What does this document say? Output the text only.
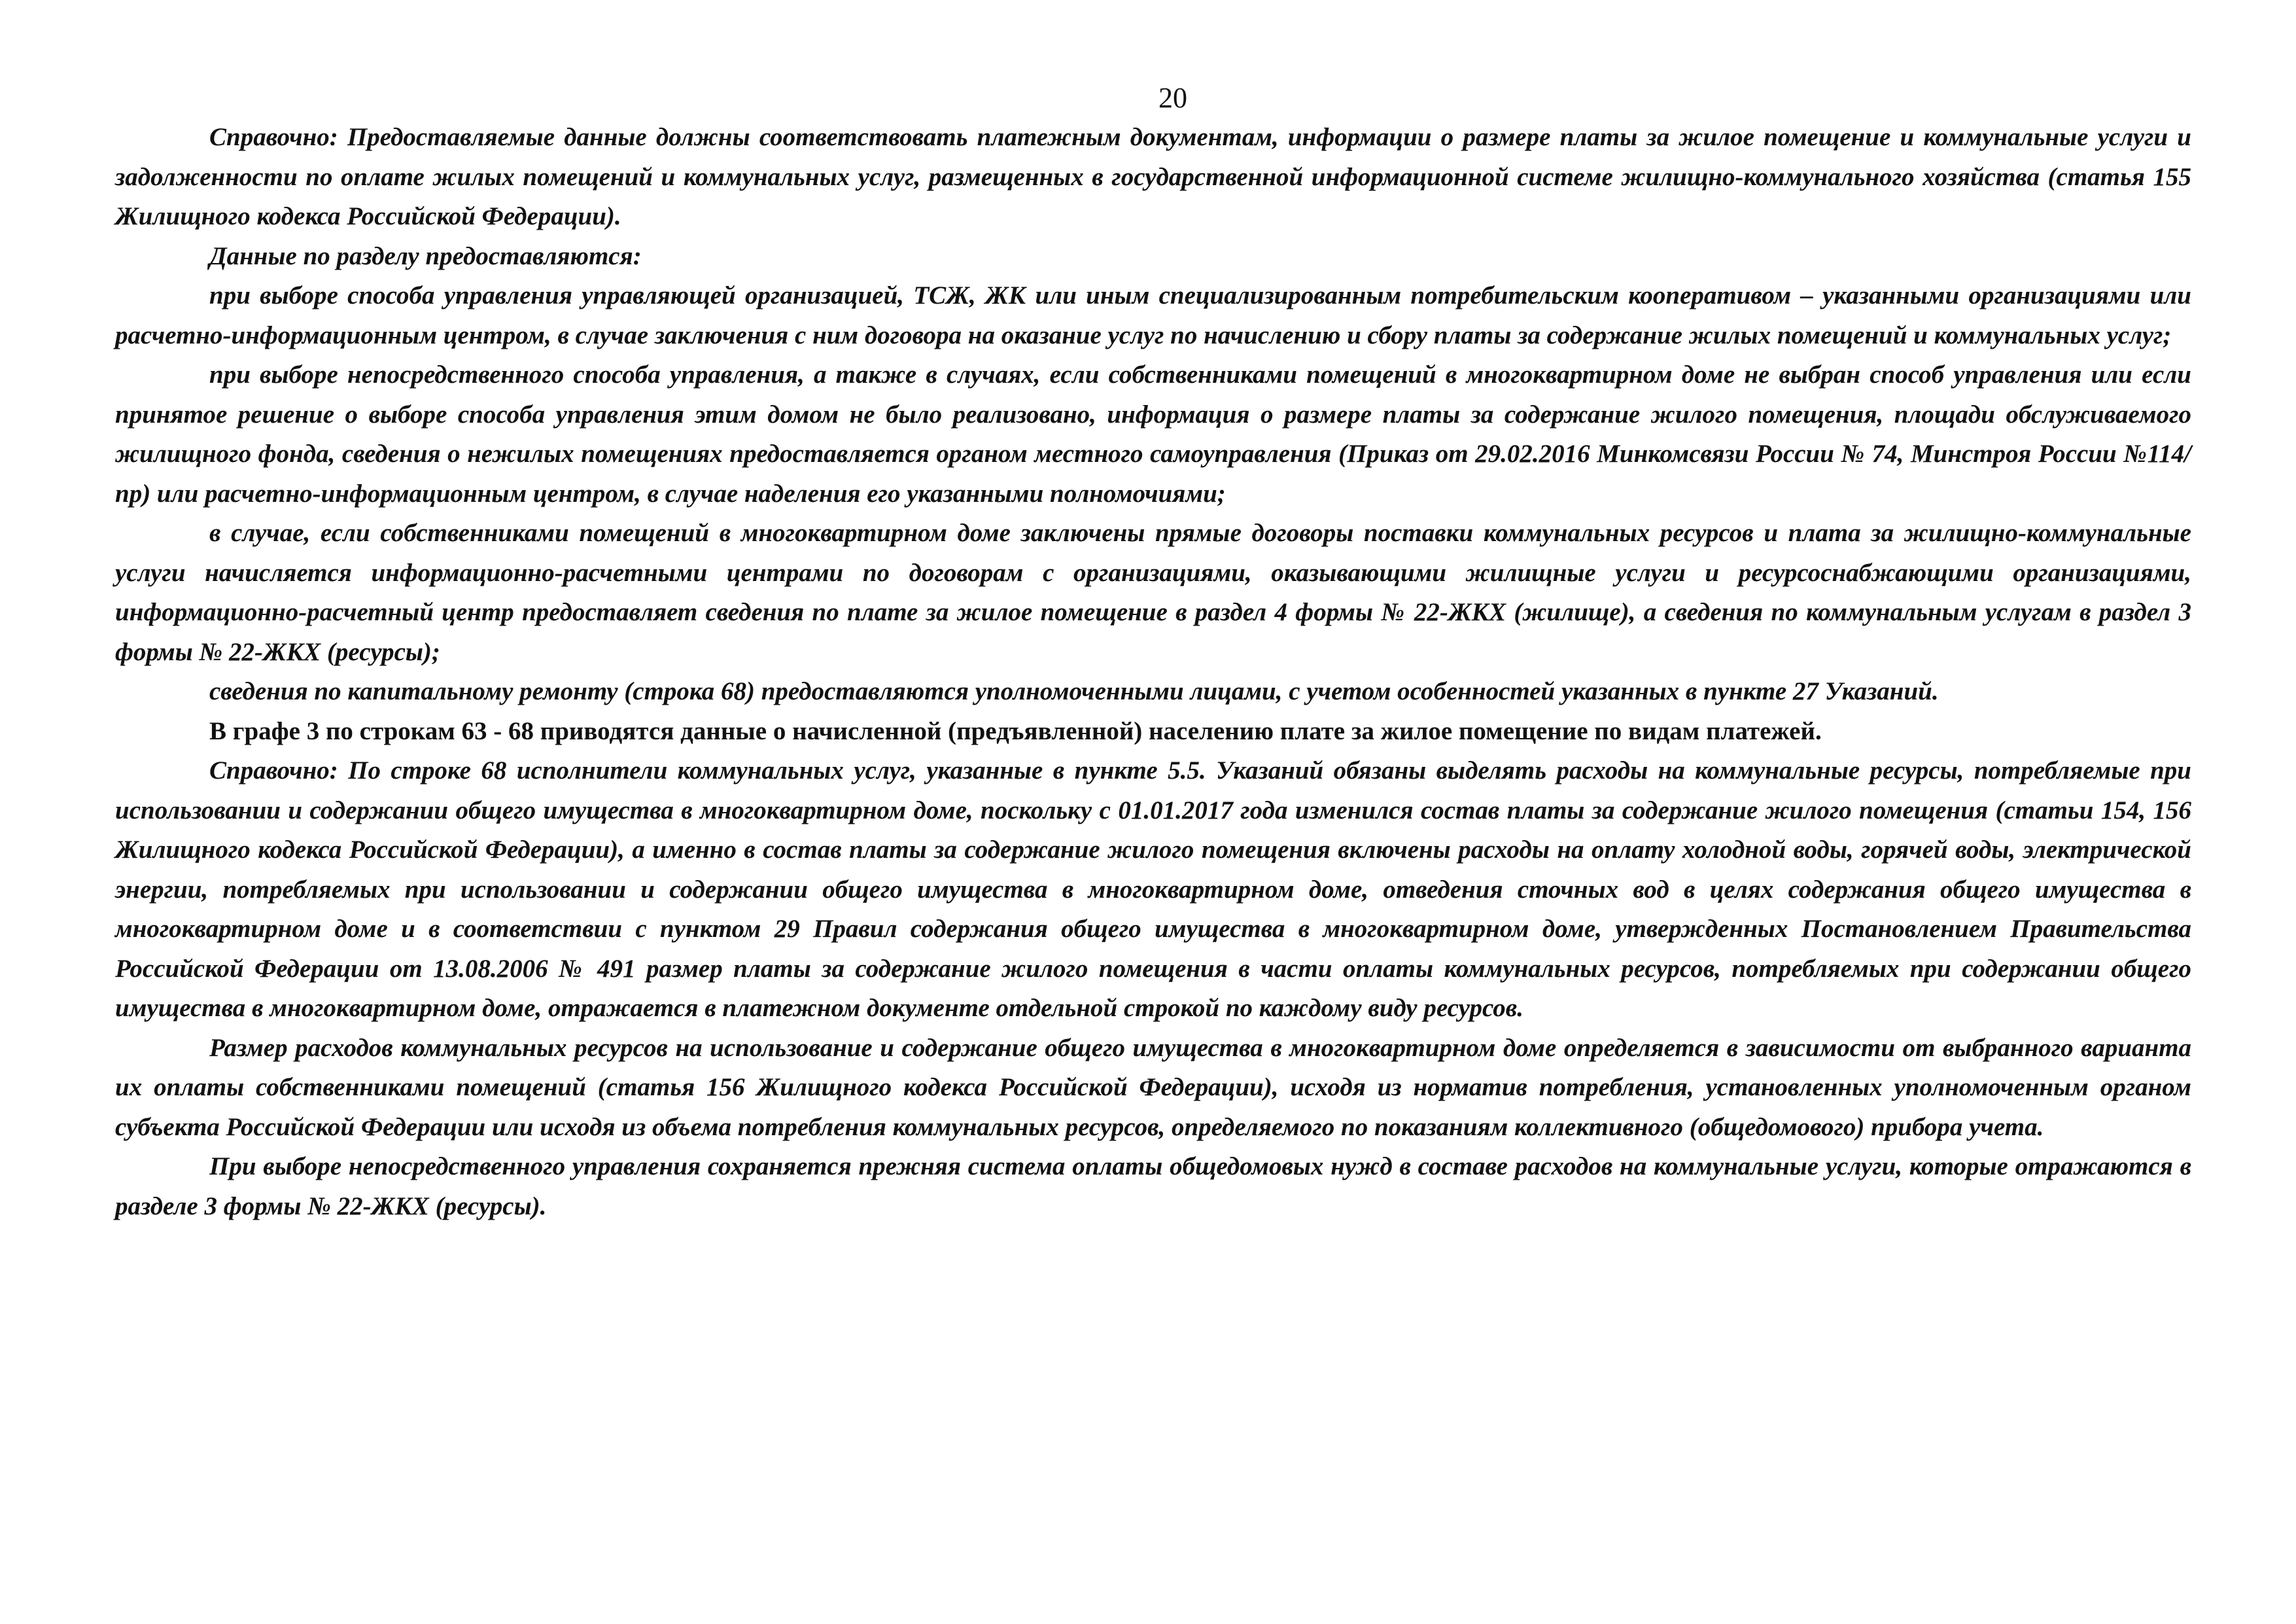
20

Справочно: Предоставляемые данные должны соответствовать платежным документам, информации о размере платы за жилое помещение и коммунальные услуги и задолженности по оплате жилых помещений и коммунальных услуг, размещенных в государственной информационной системе жилищно-коммунального хозяйства (статья 155 Жилищного кодекса Российской Федерации).

Данные по разделу предоставляются:

при выборе способа управления управляющей организацией, ТСЖ, ЖК или иным специализированным потребительским кооперативом – указанными организациями или расчетно-информационным центром, в случае заключения с ним договора на оказание услуг по начислению и сбору платы за содержание жилых помещений и коммунальных услуг;

при выборе непосредственного способа управления, а также в случаях, если собственниками помещений в многоквартирном доме не выбран способ управления или если принятое решение о выборе способа управления этим домом не было реализовано, информация о размере платы за содержание жилого помещения, площади обслуживаемого жилищного фонда, сведения о нежилых помещениях предоставляется органом местного самоуправления (Приказ от 29.02.2016 Минкомсвязи России № 74, Минстроя России №114/пр) или расчетно-информационным центром, в случае наделения его указанными полномочиями;

в случае, если собственниками помещений в многоквартирном доме заключены прямые договоры поставки коммунальных ресурсов и плата за жилищно-коммунальные услуги начисляется информационно-расчетными центрами по договорам с организациями, оказывающими жилищные услуги и ресурсоснабжающими организациями, информационно-расчетный центр предоставляет сведения по плате за жилое помещение в раздел 4 формы № 22-ЖКХ (жилище), а сведения по коммунальным услугам в раздел 3 формы № 22-ЖКХ (ресурсы);

сведения по капитальному ремонту (строка 68) предоставляются уполномоченными лицами, с учетом особенностей указанных в пункте 27 Указаний.

В графе 3 по строкам 63 - 68 приводятся данные о начисленной (предъявленной) населению плате за жилое помещение по видам платежей.

Справочно: По строке 68 исполнители коммунальных услуг, указанные в пункте 5.5. Указаний обязаны выделять расходы на коммунальные ресурсы, потребляемые при использовании и содержании общего имущества в многоквартирном доме, поскольку с 01.01.2017 года изменился состав платы за содержание жилого помещения (статьи 154, 156 Жилищного кодекса Российской Федерации), а именно в состав платы за содержание жилого помещения включены расходы на оплату холодной воды, горячей воды, электрической энергии, потребляемых при использовании и содержании общего имущества в многоквартирном доме, отведения сточных вод в целях содержания общего имущества в многоквартирном доме и в соответствии с пунктом 29 Правил содержания общего имущества в многоквартирном доме, утвержденных Постановлением Правительства Российской Федерации от 13.08.2006 № 491 размер платы за содержание жилого помещения в части оплаты коммунальных ресурсов, потребляемых при содержании общего имущества в многоквартирном доме, отражается в платежном документе отдельной строкой по каждому виду ресурсов.

Размер расходов коммунальных ресурсов на использование и содержание общего имущества в многоквартирном доме определяется в зависимости от выбранного варианта их оплаты собственниками помещений (статья 156 Жилищного кодекса Российской Федерации), исходя из норматив потребления, установленных уполномоченным органом субъекта Российской Федерации или исходя из объема потребления коммунальных ресурсов, определяемого по показаниям коллективного (общедомового) прибора учета.

При выборе непосредственного управления сохраняется прежняя система оплаты общедомовых нужд в составе расходов на коммунальные услуги, которые отражаются в разделе 3 формы № 22-ЖКХ (ресурсы).
